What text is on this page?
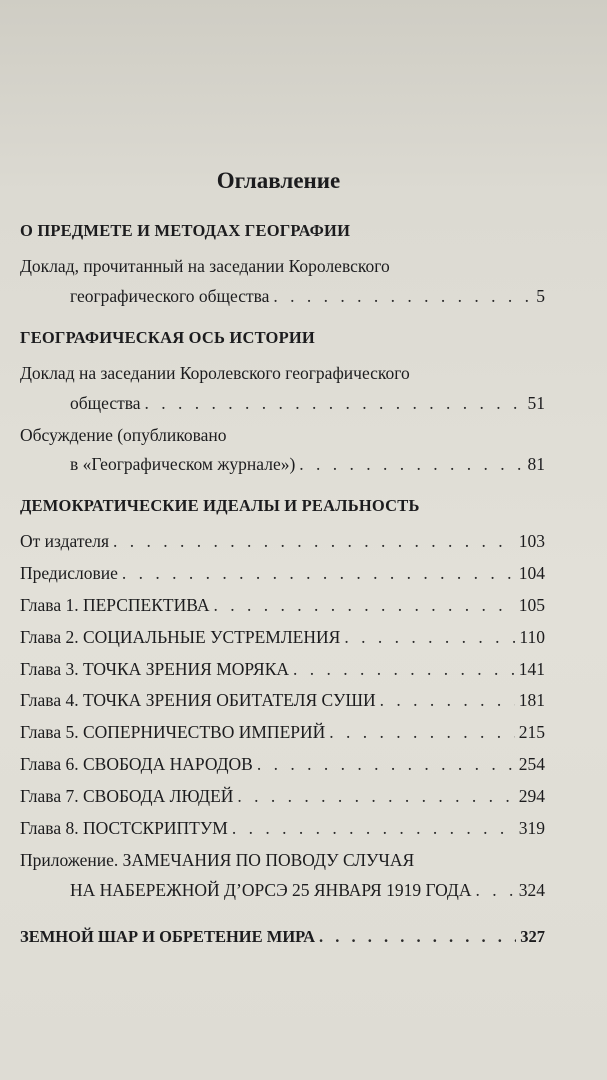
Оглавление
О ПРЕДМЕТЕ И МЕТОДАХ ГЕОГРАФИИ
Доклад, прочитанный на заседании Королевского
географического общества . . .	5
ГЕОГРАФИЧЕСКАЯ ОСЬ ИСТОРИИ
Доклад на заседании Королевского географического
общества . . .	51
Обсуждение (опубликовано
в «Географическом журнале») . . .	81
ДЕМОКРАТИЧЕСКИЕ ИДЕАЛЫ И РЕАЛЬНОСТЬ
От издателя . . .	103
Предисловие . . .	104
Глава 1. ПЕРСПЕКТИВА . . .	105
Глава 2. СОЦИАЛЬНЫЕ УСТРЕМЛЕНИЯ . . .	110
Глава 3. ТОЧКА ЗРЕНИЯ МОРЯКА . . .	141
Глава 4. ТОЧКА ЗРЕНИЯ ОБИТАТЕЛЯ СУШИ . . .	181
Глава 5. СОПЕРНИЧЕСТВО ИМПЕРИЙ . . .	215
Глава 6. СВОБОДА НАРОДОВ . . .	254
Глава 7. СВОБОДА ЛЮДЕЙ . . .	294
Глава 8. ПОСТСКРИПТУМ . . .	319
Приложение. ЗАМЕЧАНИЯ ПО ПОВОДУ СЛУЧАЯ
НА НАБЕРЕЖНОЙ Д’ОРСЭ 25 ЯНВАРЯ 1919 ГОДА . . .	324
ЗЕМНОЙ ШАР И ОБРЕТЕНИЕ МИРА . . .	327
